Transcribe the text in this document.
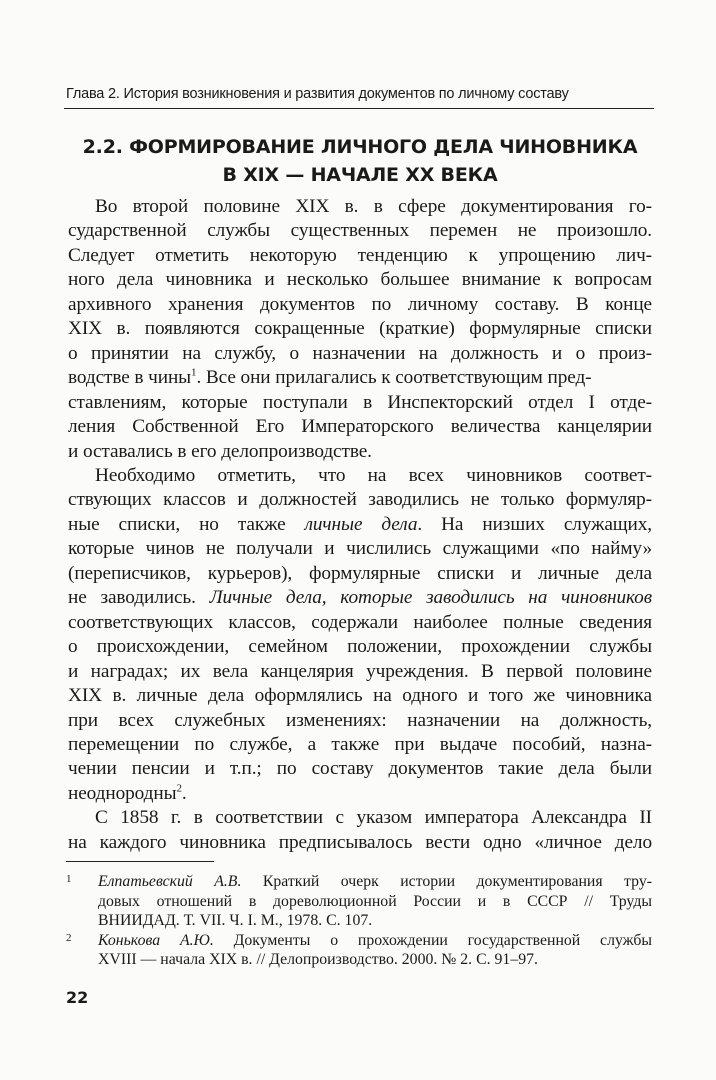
Глава 2. История возникновения и развития документов по личному составу
2.2. ФОРМИРОВАНИЕ ЛИЧНОГО ДЕЛА ЧИНОВНИКА
В XIX — НАЧАЛЕ XX ВЕКА
Во второй половине XIX в. в сфере документирования го-
сударственной службы существенных перемен не произошло.
Следует отметить некоторую тенденцию к упрощению лич-
ного дела чиновника и несколько большее внимание к вопросам
архивного хранения документов по личному составу. В конце
XIX в. появляются сокращенные (краткие) формулярные списки
о принятии на службу, о назначении на должность и о произ-
водстве в чины$^1$. Все они прилагались к соответствующим пред-
ставлениям, которые поступали в Инспекторский отдел I отде-
ления Собственной Его Императорского величества канцелярии
и оставались в его делопроизводстве.
Необходимо отметить, что на всех чиновников соответ-
ствующих классов и должностей заводились не только формуляр-
ные списки, но также личные дела. На низших служащих,
которые чинов не получали и числились служащими «по найму»
(переписчиков, курьеров), формулярные списки и личные дела
не заводились. Личные дела, которые заводились на чиновников
соответствующих классов, содержали наиболее полные сведения
о происхождении, семейном положении, прохождении службы
и наградах; их вела канцелярия учреждения. В первой половине
XIX в. личные дела оформлялись на одного и того же чиновника
при всех служебных изменениях: назначении на должность,
перемещении по службе, а также при выдаче пособий, назна-
чении пенсии и т.п.; по составу документов такие дела были
неоднородны$^2$.
С 1858 г. в соответствии с указом императора Александра II
на каждого чиновника предписывалось вести одно «личное дело
1 Елпатьевский А.В. Краткий очерк истории документирования тру-
довых отношений в дореволюционной России и в СССР // Труды
ВНИИДАД. Т. VII. Ч. I. М., 1978. С. 107.
2 Конькова А.Ю. Документы о прохождении государственной службы
XVIII — начала XIX в. // Делопроизводство. 2000. № 2. С. 91–97.
22
